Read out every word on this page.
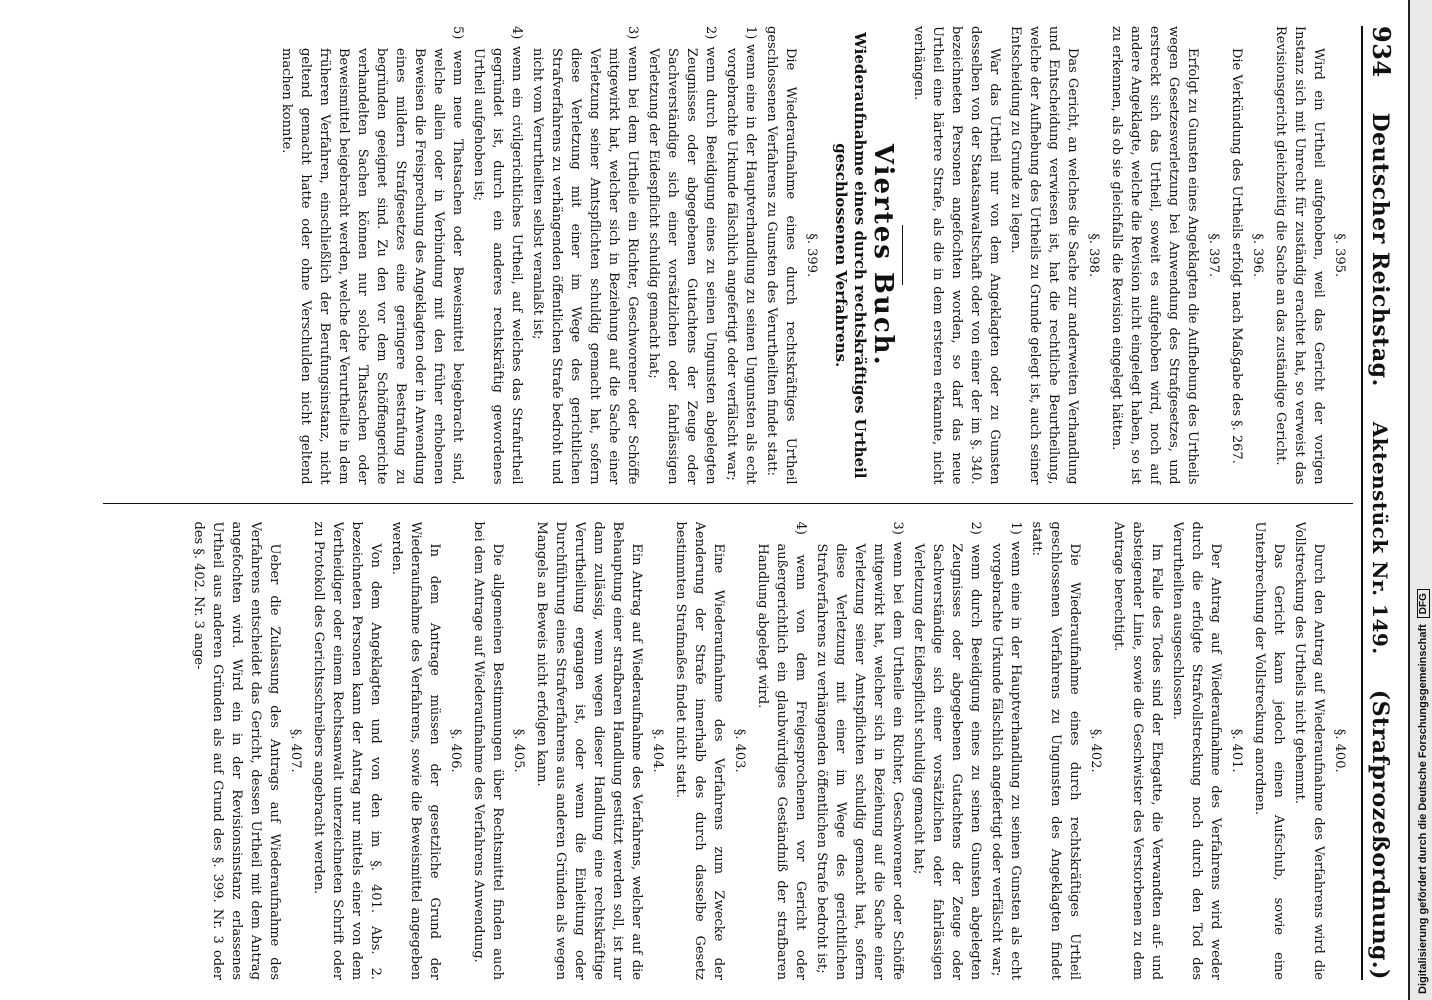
934
Deutscher Reichstag.
Aktenstück Nr. 149.
(Strafprozeßordnung.)
§. 395.

Wird ein Urtheil aufgehoben, weil das Gericht der vorigen Instanz sich mit Unrecht für zuständig erachtet hat, so verweist das Revisionsgericht gleichzeitig die Sache an das zuständige Gericht.

§. 396.

Die Verkündung des Urtheils erfolgt nach Maßgabe des §. 267.

§. 397.

Erfolgt zu Gunsten eines Angeklagten die Aufhebung des Urtheils wegen Gesetzesverletzung bei Anwendung des Strafgesetzes, und erstreckt sich das Urtheil, soweit es aufgehoben wird, noch auf andere Angeklagte, welche die Revision nicht eingelegt haben, so ist zu erkennen, als ob sie gleichfalls die Revision eingelegt hätten.

§. 398.

Das Gericht, an welches die Sache zur anderweiten Verhandlung und Entscheidung verwiesen ist, hat die rechtliche Beurtheilung, welche der Aufhebung des Urtheils zu Grunde gelegt ist, auch seiner Entscheidung zu Grunde zu legen.

War das Urtheil nur von dem Angeklagten oder zu Gunsten desselben von der Staatsanwaltschaft oder von einer der im §. 340. bezeichneten Personen angefochten worden, so darf das neue Urtheil eine härtere Strafe, als die in dem ersteren erkannte, nicht verhängen.

Viertes Buch.
Wiederaufnahme eines durch rechtskräftiges Urtheil geschlossenen Verfahrens.
§. 399.

Die Wiederaufnahme eines durch rechtskräftiges Urtheil geschlossenen Verfahrens zu Gunsten des Verurtheilten findet statt:

1) wenn eine in der Hauptverhandlung zu seinen Ungunsten als echt vorgebrachte Urkunde fälschlich angefertigt oder verfälscht war;

2) wenn durch Beeidigung eines zu seinen Ungunsten abgelegten Zeugnisses oder abgegebenen Gutachtens der Zeuge oder Sachverständige sich einer vorsätzlichen oder fahrlässigen Verletzung der Eidespflicht schuldig gemacht hat;

3) wenn bei dem Urtheile ein Richter, Geschworener oder Schöffe mitgewirkt hat, welcher sich in Beziehung auf die Sache einer Verletzung seiner Amtspflichten schuldig gemacht hat, sofern diese Verletzung mit einer im Wege des gerichtlichen Strafverfahrens zu verhängenden öffentlichen Strafe bedroht und nicht vom Verurtheilten selbst veranlaßt ist;

4) wenn ein civilgerichtliches Urtheil, auf welches das Strafurtheil gegründet ist, durch ein anderes rechtskräftig gewordenes Urtheil aufgehoben ist;

5) wenn neue Thatsachen oder Beweismittel beigebracht sind, welche allein oder in Verbindung mit den früher erhobenen Beweisen die Freisprechung des Angeklagten oder in Anwendung eines mildern Strafgesetzes eine geringere Bestrafung zu begründen geeignet sind. Zu den vor dem Schöffengerichte verhandelten Sachen können nur solche Thatsachen oder Beweismittel beigebracht werden, welche der Verurtheilte in dem früheren Verfahren, einschließlich der Berufungsinstanz, nicht geltend gemacht hatte oder ohne Verschulden nicht geltend machen konnte.

§. 400.

Durch den Antrag auf Wiederaufnahme des Verfahrens wird die Vollstreckung des Urtheils nicht gehemmt.

Das Gericht kann jedoch einen Aufschub, sowie eine Unterbrechung der Vollstreckung anordnen.

§. 401.

Der Antrag auf Wiederaufnahme des Verfahrens wird weder durch die erfolgte Strafvollstreckung noch durch den Tod des Verurtheilten ausgeschlossen.

Im Falle des Todes sind der Ehegatte, die Verwandten auf- und absteigender Linie, sowie die Geschwister des Verstorbenen zu dem Antrage berechtigt.

§. 402.

Die Wiederaufnahme eines durch rechtskräftiges Urtheil geschlossenen Verfahrens zu Ungunsten des Angeklagten findet statt:

1) wenn eine in der Hauptverhandlung zu seinen Gunsten als echt vorgebrachte Urkunde fälschlich angefertigt oder verfälscht war;

2) wenn durch Beeidigung eines zu seinen Gunsten abgelegten Zeugnisses oder abgegebenen Gutachtens der Zeuge oder Sachverständige sich einer vorsätzlichen oder fahrlässigen Verletzung der Eidespflicht schuldig gemacht hat;

3) wenn bei dem Urtheile ein Richter, Geschworener oder Schöffe mitgewirkt hat, welcher sich in Beziehung auf die Sache einer Verletzung seiner Amtspflichten schuldig gemacht hat, sofern diese Verletzung mit einer im Wege des gerichtlichen Strafverfahrens zu verhängenden öffentlichen Strafe bedroht ist;

4) wenn von dem Freigesprochenen vor Gericht oder außergerichtlich ein glaubwürdiges Geständniß der strafbaren Handlung abgelegt wird.

§. 403.

Eine Wiederaufnahme des Verfahrens zum Zwecke der Aenderung der Strafe innerhalb des durch dasselbe Gesetz bestimmten Strafmaßes findet nicht statt.

§. 404.

Ein Antrag auf Wiederaufnahme des Verfahrens, welcher auf die Behauptung einer strafbaren Handlung gestützt werden soll, ist nur dann zulässig, wenn wegen dieser Handlung eine rechtskräftige Verurtheilung ergangen ist, oder wenn die Einleitung oder Durchführung eines Strafverfahrens aus anderen Gründen als wegen Mangels an Beweis nicht erfolgen kann.

§. 405.

Die allgemeinen Bestimmungen über Rechtsmittel finden auch bei dem Antrage auf Wiederaufnahme des Verfahrens Anwendung.

§. 406.

In dem Antrage müssen der gesetzliche Grund der Wiederaufnahme des Verfahrens, sowie die Beweismittel angegeben werden.

Von dem Angeklagten und von den im §. 401. Abs. 2. bezeichneten Personen kann der Antrag nur mittels einer von dem Vertheidiger oder einem Rechtsanwalt unterzeichneten Schrift oder zu Protokoll des Gerichtsschreibers angebracht werden.

§. 407.

Ueber die Zulassung des Antrags auf Wiederaufnahme des Verfahrens entscheidet das Gericht, dessen Urtheil mit dem Antrag angefochten wird. Wird ein in der Revisionsinstanz erlassenes Urtheil aus anderen Gründen als auf Grund des §. 399. Nr. 3 oder des §. 402. Nr. 3 ange-

Digitalisierung gefördert durch die Deutsche Forschungsgemeinschaft
DFG
